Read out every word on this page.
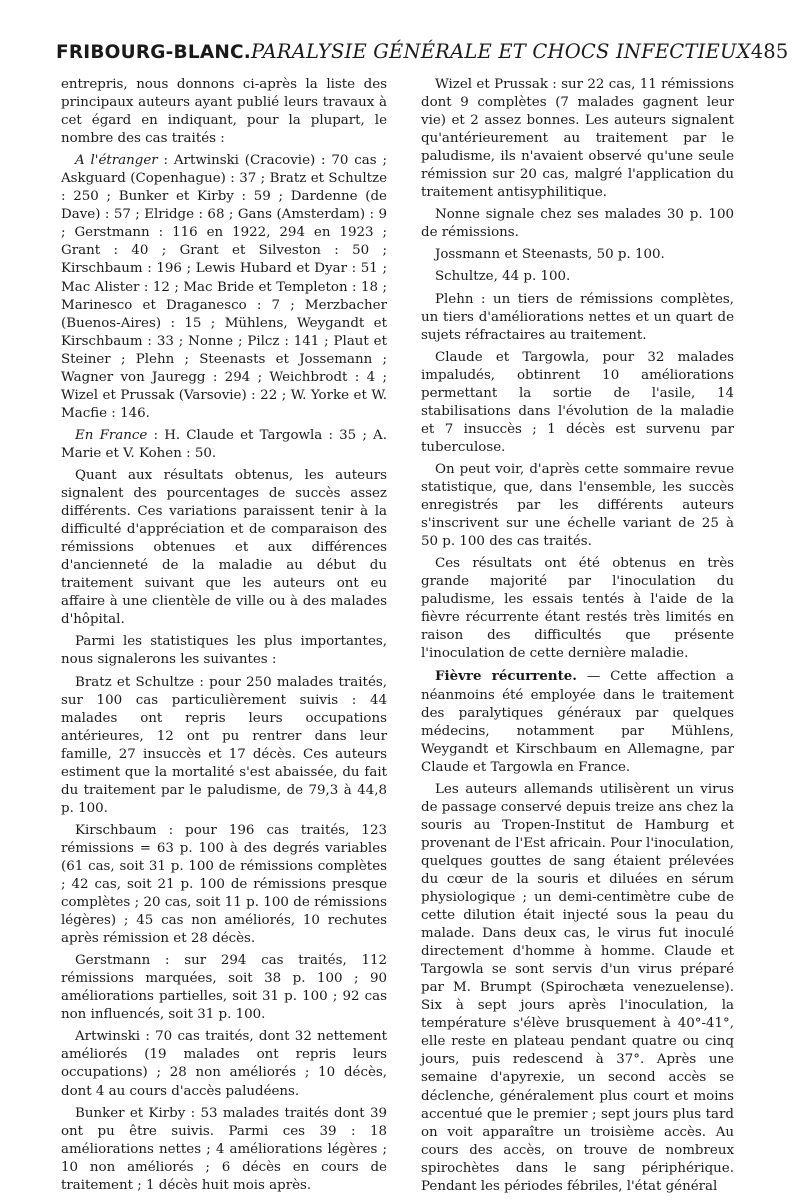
FRIBOURG-BLANC.PARALYSIE GÉNÉRALE ET CHOCS INFECTIEUX485

entrepris, nous donnons ci-après la liste des principaux auteurs ayant publié leurs travaux à cet égard en indiquant, pour la plupart, le nombre des cas traités :

A l'étranger : Artwinski (Cracovie) : 70 cas ; Askguard (Copenhague) : 37 ; Bratz et Schultze : 250 ; Bunker et Kirby : 59 ; Dardenne (de Dave) : 57 ; Elridge : 68 ; Gans (Amsterdam) : 9 ; Gerstmann : 116 en 1922, 294 en 1923 ; Grant : 40 ; Grant et Silveston : 50 ; Kirschbaum : 196 ; Lewis Hubard et Dyar : 51 ; Mac Alister : 12 ; Mac Bride et Templeton : 18 ; Marinesco et Draganesco : 7 ; Merzbacher (Buenos-Aires) : 15 ; Mühlens, Weygandt et Kirschbaum : 33 ; Nonne ; Pilcz : 141 ; Plaut et Steiner ; Plehn ; Steenasts et Jossemann ; Wagner von Jauregg : 294 ; Weichbrodt : 4 ; Wizel et Prussak (Varsovie) : 22 ; W. Yorke et W. Macfie : 146.

En France : H. Claude et Targowla : 35 ; A. Marie et V. Kohen : 50.

Quant aux résultats obtenus, les auteurs signalent des pourcentages de succès assez différents. Ces variations paraissent tenir à la difficulté d'appréciation et de comparaison des rémissions obtenues et aux différences d'ancienneté de la maladie au début du traitement suivant que les auteurs ont eu affaire à une clientèle de ville ou à des malades d'hôpital.

Parmi les statistiques les plus importantes, nous signalerons les suivantes :

Bratz et Schultze : pour 250 malades traités, sur 100 cas particulièrement suivis : 44 malades ont repris leurs occupations antérieures, 12 ont pu rentrer dans leur famille, 27 insuccès et 17 décès. Ces auteurs estiment que la mortalité s'est abaissée, du fait du traitement par le paludisme, de 79,3 à 44,8 p. 100.

Kirschbaum : pour 196 cas traités, 123 rémissions = 63 p. 100 à des degrés variables (61 cas, soit 31 p. 100 de rémissions complètes ; 42 cas, soit 21 p. 100 de rémissions presque complètes ; 20 cas, soit 11 p. 100 de rémissions légères) ; 45 cas non améliorés, 10 rechutes après rémission et 28 décès.

Gerstmann : sur 294 cas traités, 112 rémissions marquées, soit 38 p. 100 ; 90 améliorations partielles, soit 31 p. 100 ; 92 cas non influencés, soit 31 p. 100.

Artwinski : 70 cas traités, dont 32 nettement améliorés (19 malades ont repris leurs occupations) ; 28 non améliorés ; 10 décès, dont 4 au cours d'accès paludéens.

Bunker et Kirby : 53 malades traités dont 39 ont pu être suivis. Parmi ces 39 : 18 améliorations nettes ; 4 améliorations légères ; 10 non améliorés ; 6 décès en cours de traitement ; 1 décès huit mois après.

Wizel et Prussak : sur 22 cas, 11 rémissions dont 9 complètes (7 malades gagnent leur vie) et 2 assez bonnes. Les auteurs signalent qu'antérieurement au traitement par le paludisme, ils n'avaient observé qu'une seule rémission sur 20 cas, malgré l'application du traitement antisyphilitique.

Nonne signale chez ses malades 30 p. 100 de rémissions.

Jossmann et Steenasts, 50 p. 100.

Schultze, 44 p. 100.

Plehn : un tiers de rémissions complètes, un tiers d'améliorations nettes et un quart de sujets réfractaires au traitement.

Claude et Targowla, pour 32 malades impaludés, obtinrent 10 améliorations permettant la sortie de l'asile, 14 stabilisations dans l'évolution de la maladie et 7 insuccès ; 1 décès est survenu par tuberculose.

On peut voir, d'après cette sommaire revue statistique, que, dans l'ensemble, les succès enregistrés par les différents auteurs s'inscrivent sur une échelle variant de 25 à 50 p. 100 des cas traités.

Ces résultats ont été obtenus en très grande majorité par l'inoculation du paludisme, les essais tentés à l'aide de la fièvre récurrente étant restés très limités en raison des difficultés que présente l'inoculation de cette dernière maladie.

Fièvre récurrente. — Cette affection a néanmoins été employée dans le traitement des paralytiques généraux par quelques médecins, notamment par Mühlens, Weygandt et Kirschbaum en Allemagne, par Claude et Targowla en France.

Les auteurs allemands utilisèrent un virus de passage conservé depuis treize ans chez la souris au Tropen-Institut de Hamburg et provenant de l'Est africain. Pour l'inoculation, quelques gouttes de sang étaient prélevées du cœur de la souris et diluées en sérum physiologique ; un demi-centimètre cube de cette dilution était injecté sous la peau du malade. Dans deux cas, le virus fut inoculé directement d'homme à homme. Claude et Targowla se sont servis d'un virus préparé par M. Brumpt (Spirochæta venezuelense). Six à sept jours après l'inoculation, la température s'élève brusquement à 40°-41°, elle reste en plateau pendant quatre ou cinq jours, puis redescend à 37°. Après une semaine d'apyrexie, un second accès se déclenche, généralement plus court et moins accentué que le premier ; sept jours plus tard on voit apparaître un troisième accès. Au cours des accès, on trouve de nombreux spirochètes dans le sang périphérique. Pendant les périodes fébriles, l'état général
